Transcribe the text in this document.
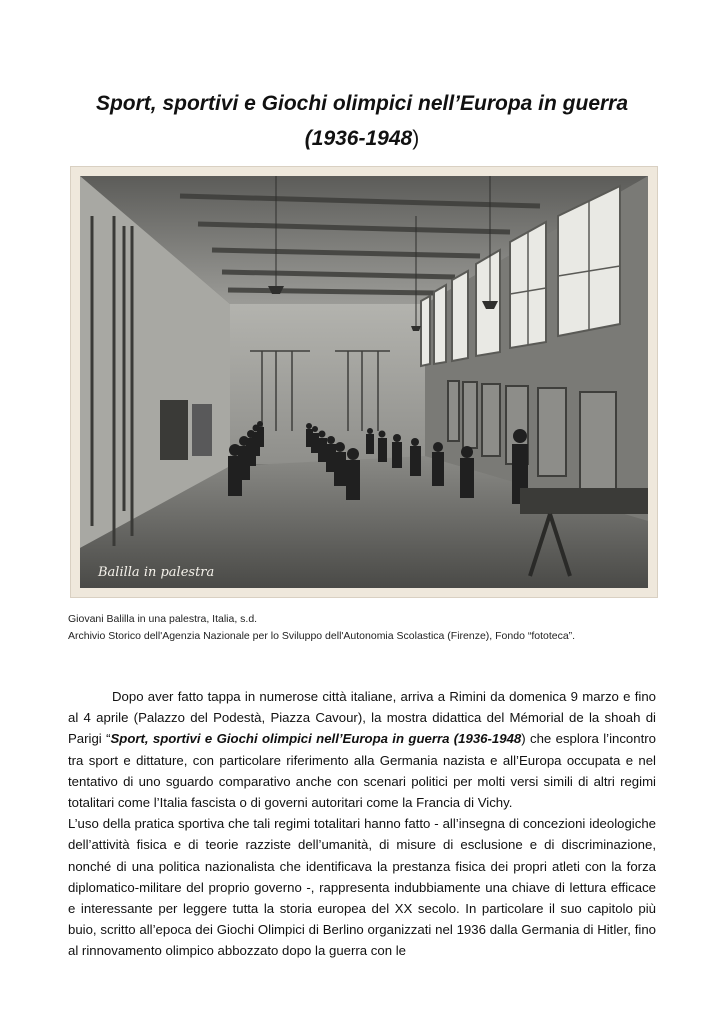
Sport, sportivi e Giochi olimpici nell’Europa in guerra
(1936-1948)
Balilla in palestra
Giovani Balilla in una palestra, Italia, s.d.
Archivio Storico dell'Agenzia Nazionale per lo Sviluppo dell'Autonomia Scolastica (Firenze), Fondo “fototeca”.

Dopo aver fatto tappa in numerose città italiane, arriva a Rimini da domenica 9 marzo e fino al 4 aprile (Palazzo del Podestà, Piazza Cavour), la mostra didattica del Mémorial de la shoah di Parigi “Sport, sportivi e Giochi olimpici nell’Europa in guerra (1936-1948) che esplora l’incontro tra sport e dittature, con particolare riferimento alla Germania nazista e all’Europa occupata e nel tentativo di uno sguardo comparativo anche con scenari politici per molti versi simili di altri regimi totalitari come l’Italia fascista o di governi autoritari come la Francia di Vichy.

L’uso della pratica sportiva che tali regimi totalitari hanno fatto - all’insegna di concezioni ideologiche dell’attività fisica e di teorie razziste dell’umanità, di misure di esclusione e di discriminazione, nonché di una politica nazionalista che identificava la prestanza fisica dei propri atleti con la forza diplomatico-militare del proprio governo -, rappresenta indubbiamente una chiave di lettura efficace e interessante per leggere tutta la storia europea del XX secolo. In particolare il suo capitolo più buio, scritto all’epoca dei Giochi Olimpici di Berlino organizzati nel 1936 dalla Germania di Hitler, fino al rinnovamento olimpico abbozzato dopo la guerra con le
